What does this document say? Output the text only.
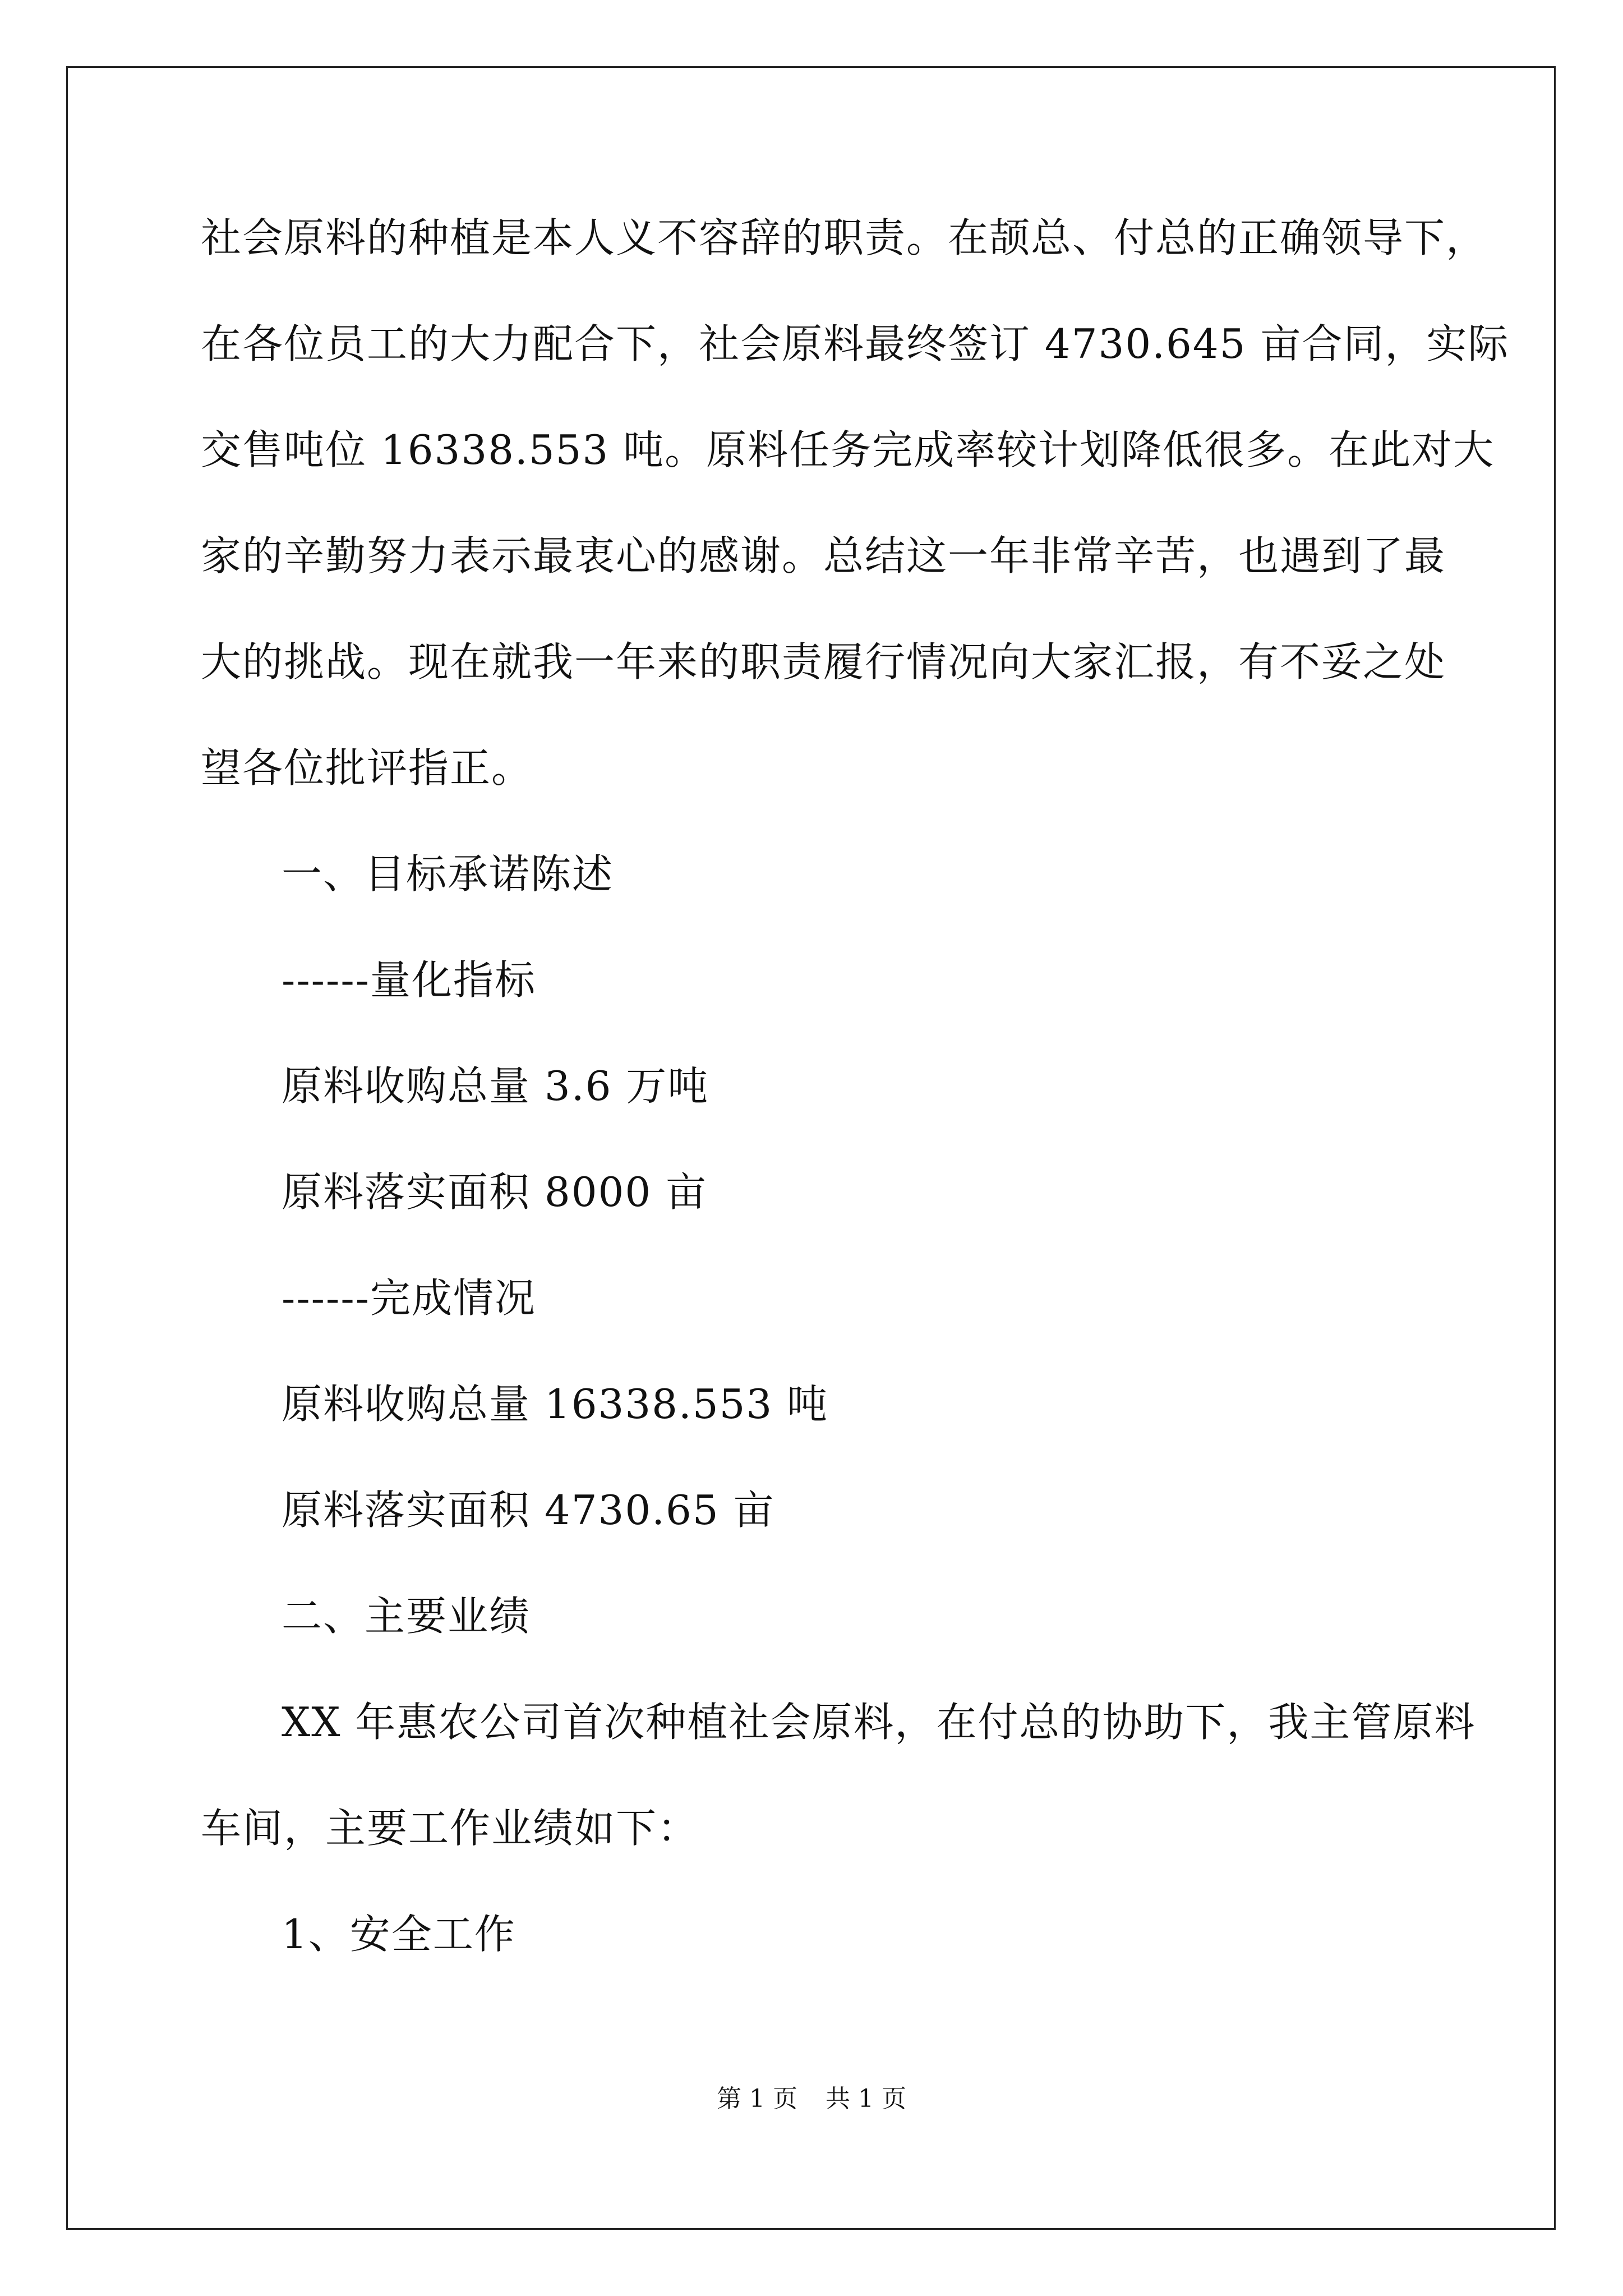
社会原料的种植是本人义不容辞的职责。在颉总、付总的正确领导下，

在各位员工的大力配合下，社会原料最终签订 4730.645 亩合同，实际

交售吨位 16338.553 吨。原料任务完成率较计划降低很多。在此对大

家的辛勤努力表示最衷心的感谢。总结这一年非常辛苦，也遇到了最

大的挑战。现在就我一年来的职责履行情况向大家汇报，有不妥之处

望各位批评指正。

一、目标承诺陈述

------量化指标

原料收购总量 3.6 万吨

原料落实面积 8000 亩

------完成情况

原料收购总量 16338.553 吨

原料落实面积 4730.65 亩

二、主要业绩

XX 年惠农公司首次种植社会原料，在付总的协助下，我主管原料

车间，主要工作业绩如下：

1、安全工作

第 1 页 共 1 页
